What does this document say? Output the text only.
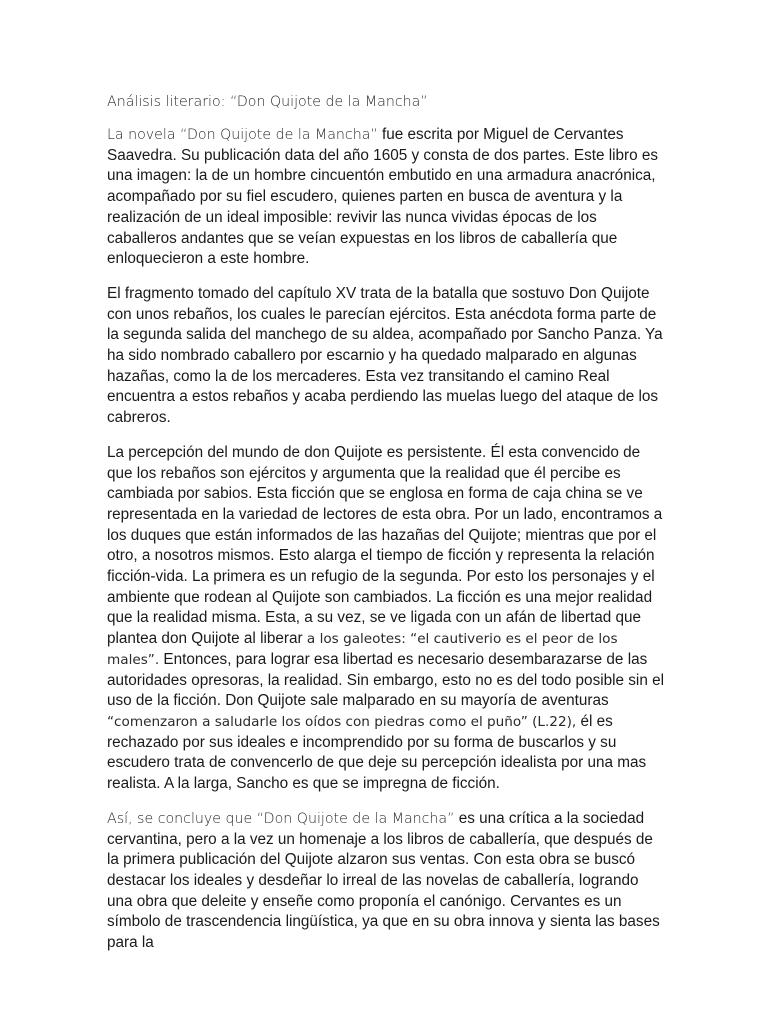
Análisis literario: “Don Quijote de la Mancha”

La novela “Don Quijote de la Mancha” fue escrita por Miguel de Cervantes Saavedra. Su publicación data del año 1605 y consta de dos partes. Este libro es una imagen: la de un hombre cincuentón embutido en una armadura anacrónica, acompañado por su fiel escudero, quienes parten en busca de aventura y la realización de un ideal imposible: revivir las nunca vividas épocas de los caballeros andantes que se veían expuestas en los libros de caballería que enloquecieron a este hombre.

El fragmento tomado del capítulo XV trata de la batalla que sostuvo Don Quijote con unos rebaños, los cuales le parecían ejércitos. Esta anécdota forma parte de la segunda salida del manchego de su aldea, acompañado por Sancho Panza. Ya ha sido nombrado caballero por escarnio y ha quedado malparado en algunas hazañas, como la de los mercaderes. Esta vez transitando el camino Real encuentra a estos rebaños y acaba perdiendo las muelas luego del ataque de los cabreros.

La percepción del mundo de don Quijote es persistente. Él esta convencido de que los rebaños son ejércitos y argumenta que la realidad que él percibe es cambiada por sabios. Esta ficción que se englosa en forma de caja china se ve representada en la variedad de lectores de esta obra. Por un lado, encontramos a los duques que están informados de las hazañas del Quijote; mientras que por el otro, a nosotros mismos. Esto alarga el tiempo de ficción y representa la relación ficción-vida. La primera es un refugio de la segunda. Por esto los personajes y el ambiente que rodean al Quijote son cambiados. La ficción es una mejor realidad que la realidad misma. Esta, a su vez, se ve ligada con un afán de libertad que plantea don Quijote al liberar a los galeotes: “el cautiverio es el peor de los males”. Entonces, para lograr esa libertad es necesario desembarazarse de las autoridades opresoras, la realidad. Sin embargo, esto no es del todo posible sin el uso de la ficción. Don Quijote sale malparado en su mayoría de aventuras “comenzaron a saludarle los oídos con piedras como el puño” (L.22), él es rechazado por sus ideales e incomprendido por su forma de buscarlos y su escudero trata de convencerlo de que deje su percepción idealista por una mas realista. A la larga, Sancho es que se impregna de ficción.

Así, se concluye que “Don Quijote de la Mancha” es una crítica a la sociedad cervantina, pero a la vez un homenaje a los libros de caballería, que después de la primera publicación del Quijote alzaron sus ventas. Con esta obra se buscó destacar los ideales y desdeñar lo irreal de las novelas de caballería, logrando una obra que deleite y enseñe como proponía el canónigo. Cervantes es un símbolo de trascendencia lingüística, ya que en su obra innova y sienta las bases para la
